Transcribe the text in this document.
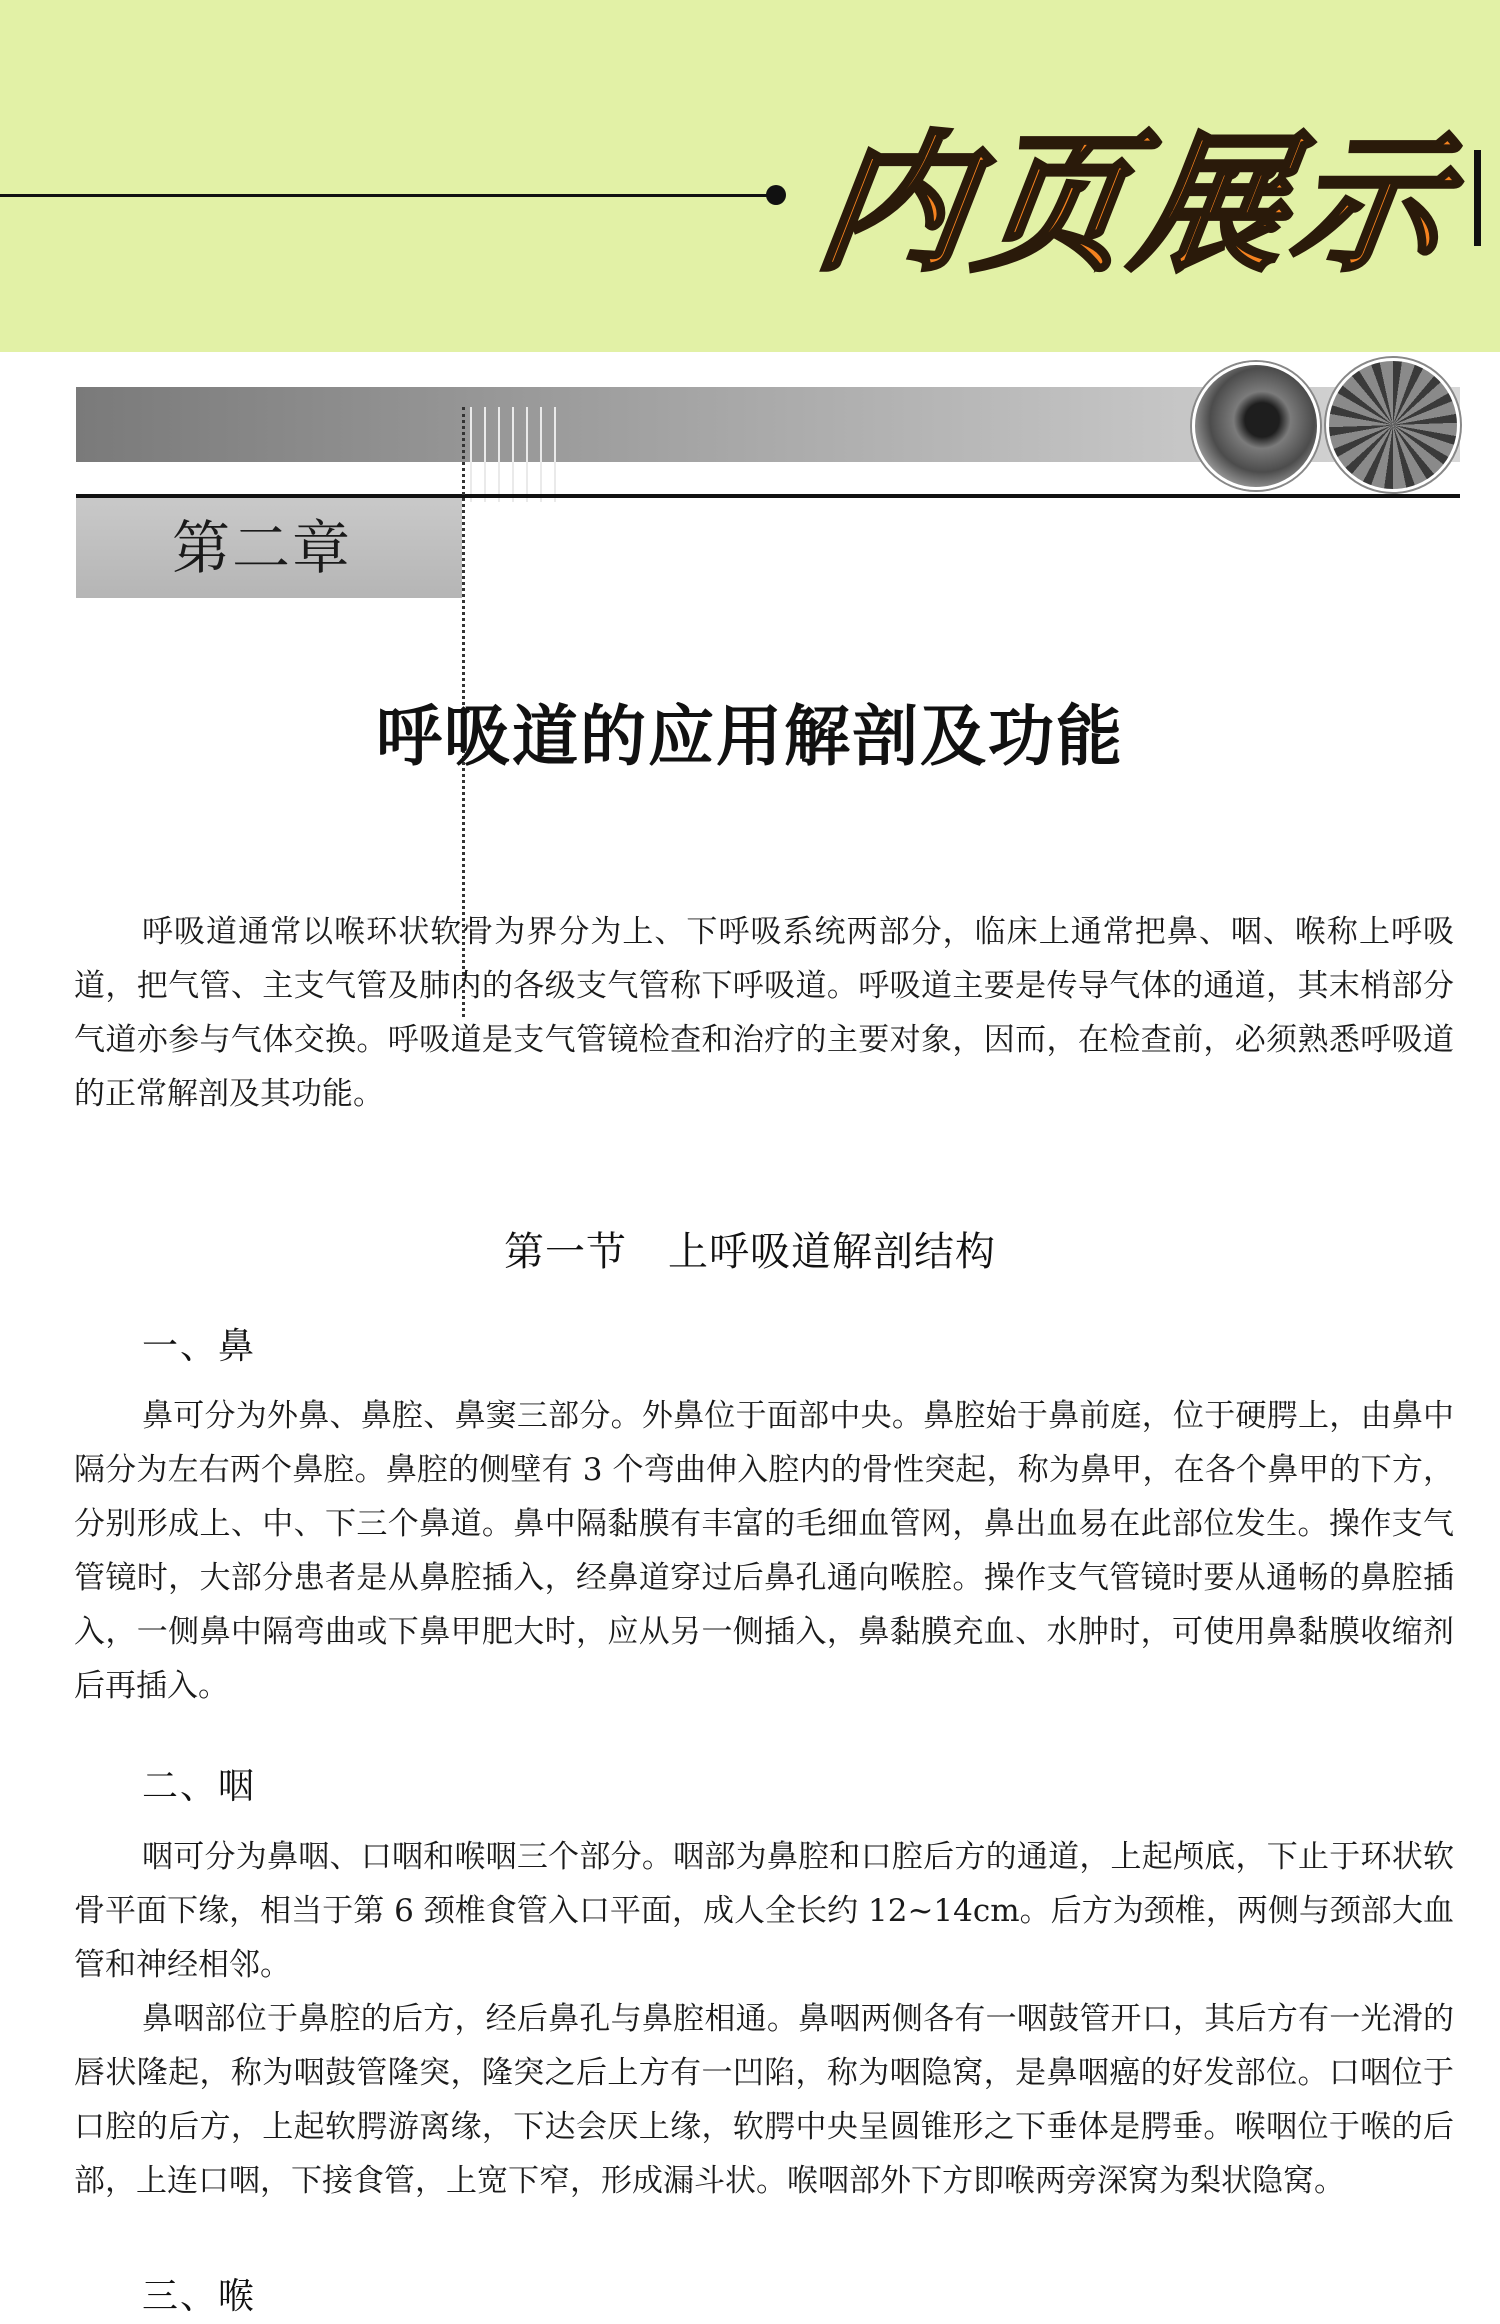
内页展示
第二章
呼吸道的应用解剖及功能

呼吸道通常以喉环状软骨为界分为上、下呼吸系统两部分，临床上通常把鼻、咽、喉称上呼吸道，把气管、主支气管及肺内的各级支气管称下呼吸道。呼吸道主要是传导气体的通道，其末梢部分气道亦参与气体交换。呼吸道是支气管镜检查和治疗的主要对象，因而，在检查前，必须熟悉呼吸道的正常解剖及其功能。

第一节　上呼吸道解剖结构
一、鼻

鼻可分为外鼻、鼻腔、鼻窦三部分。外鼻位于面部中央。鼻腔始于鼻前庭，位于硬腭上，由鼻中隔分为左右两个鼻腔。鼻腔的侧壁有 3 个弯曲伸入腔内的骨性突起，称为鼻甲，在各个鼻甲的下方，分别形成上、中、下三个鼻道。鼻中隔黏膜有丰富的毛细血管网，鼻出血易在此部位发生。操作支气管镜时，大部分患者是从鼻腔插入，经鼻道穿过后鼻孔通向喉腔。操作支气管镜时要从通畅的鼻腔插入，一侧鼻中隔弯曲或下鼻甲肥大时，应从另一侧插入，鼻黏膜充血、水肿时，可使用鼻黏膜收缩剂后再插入。

二、咽

咽可分为鼻咽、口咽和喉咽三个部分。咽部为鼻腔和口腔后方的通道，上起颅底，下止于环状软骨平面下缘，相当于第 6 颈椎食管入口平面，成人全长约 12~14cm。后方为颈椎，两侧与颈部大血管和神经相邻。

鼻咽部位于鼻腔的后方，经后鼻孔与鼻腔相通。鼻咽两侧各有一咽鼓管开口，其后方有一光滑的唇状隆起，称为咽鼓管隆突，隆突之后上方有一凹陷，称为咽隐窝，是鼻咽癌的好发部位。口咽位于口腔的后方，上起软腭游离缘，下达会厌上缘，软腭中央呈圆锥形之下垂体是腭垂。喉咽位于喉的后部，上连口咽，下接食管，上宽下窄，形成漏斗状。喉咽部外下方即喉两旁深窝为梨状隐窝。

三、喉
